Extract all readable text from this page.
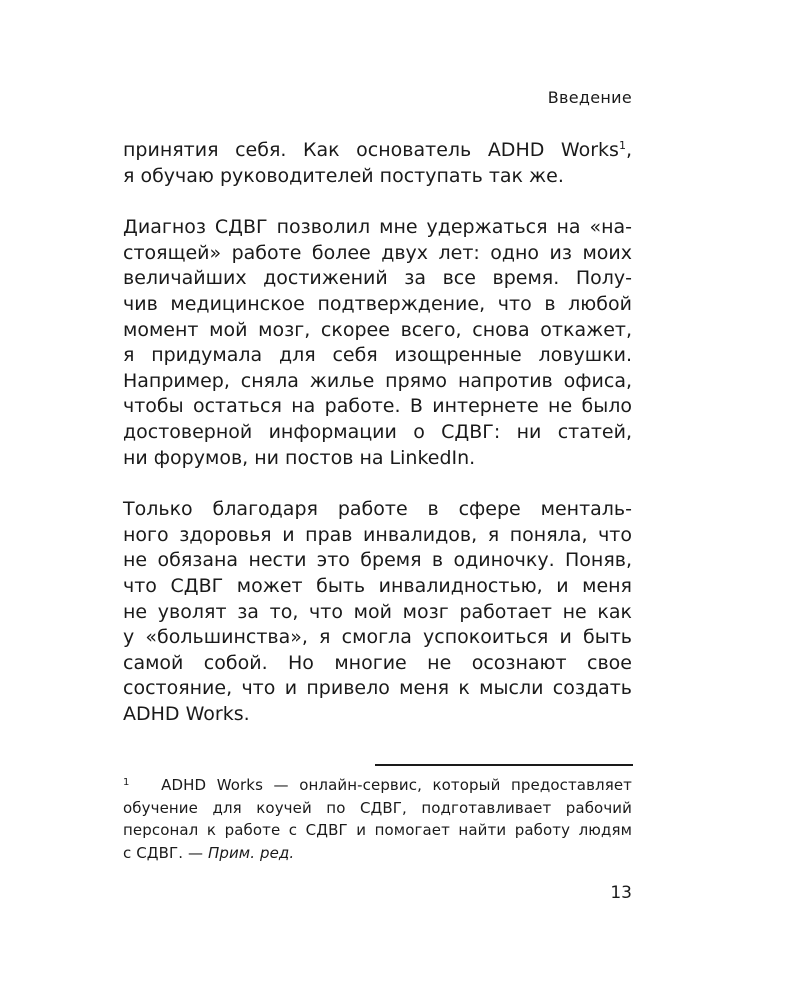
Введение

принятия себя. Как основатель ADHD Works$^1$,
я обучаю руководителей поступать так же.

Диагноз СДВГ позволил мне удержаться на «на-
стоящей» работе более двух лет: одно из моих
величайших достижений за все время. Полу-
чив медицинское подтверждение, что в любой
момент мой мозг, скорее всего, снова откажет,
я придумала для себя изощренные ловушки.
Например, сняла жилье прямо напротив офиса,
чтобы остаться на работе. В интернете не было
достоверной информации о СДВГ: ни статей,
ни форумов, ни постов на LinkedIn.

Только благодаря работе в сфере менталь-
ного здоровья и прав инвалидов, я поняла, что
не обязана нести это бремя в одиночку. Поняв,
что СДВГ может быть инвалидностью, и меня
не уволят за то, что мой мозг работает не как
у «большинства», я смогла успокоиться и быть
самой собой. Но многие не осознают свое
состояние, что и привело меня к мысли создать
ADHD Works.

$^1$ ADHD Works — онлайн-сервис, который предоставляет
обучение для коучей по СДВГ, подготавливает рабочий
персонал к работе с СДВГ и помогает найти работу людям
с СДВГ. — Прим. ред.
13
